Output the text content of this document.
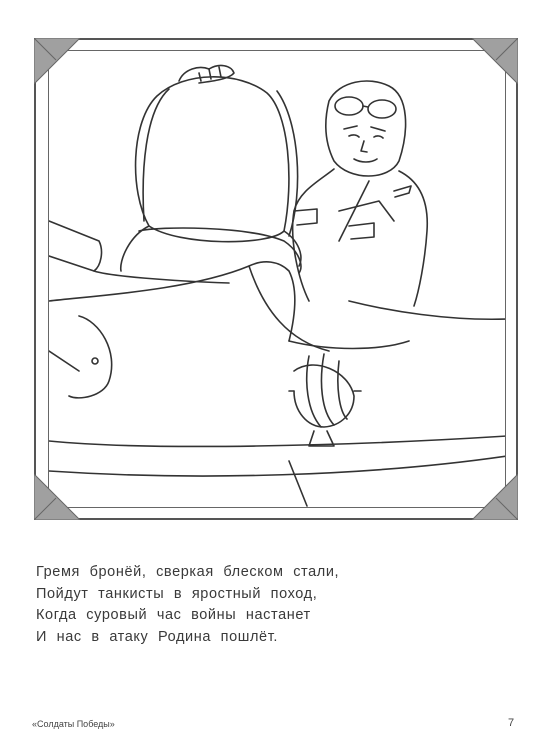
Гремя бронёй, сверкая блеском стали,
Пойдут танкисты в яростный поход,
Когда суровый час войны настанет
И нас в атаку Родина пошлёт.
«Солдаты Победы»	7
